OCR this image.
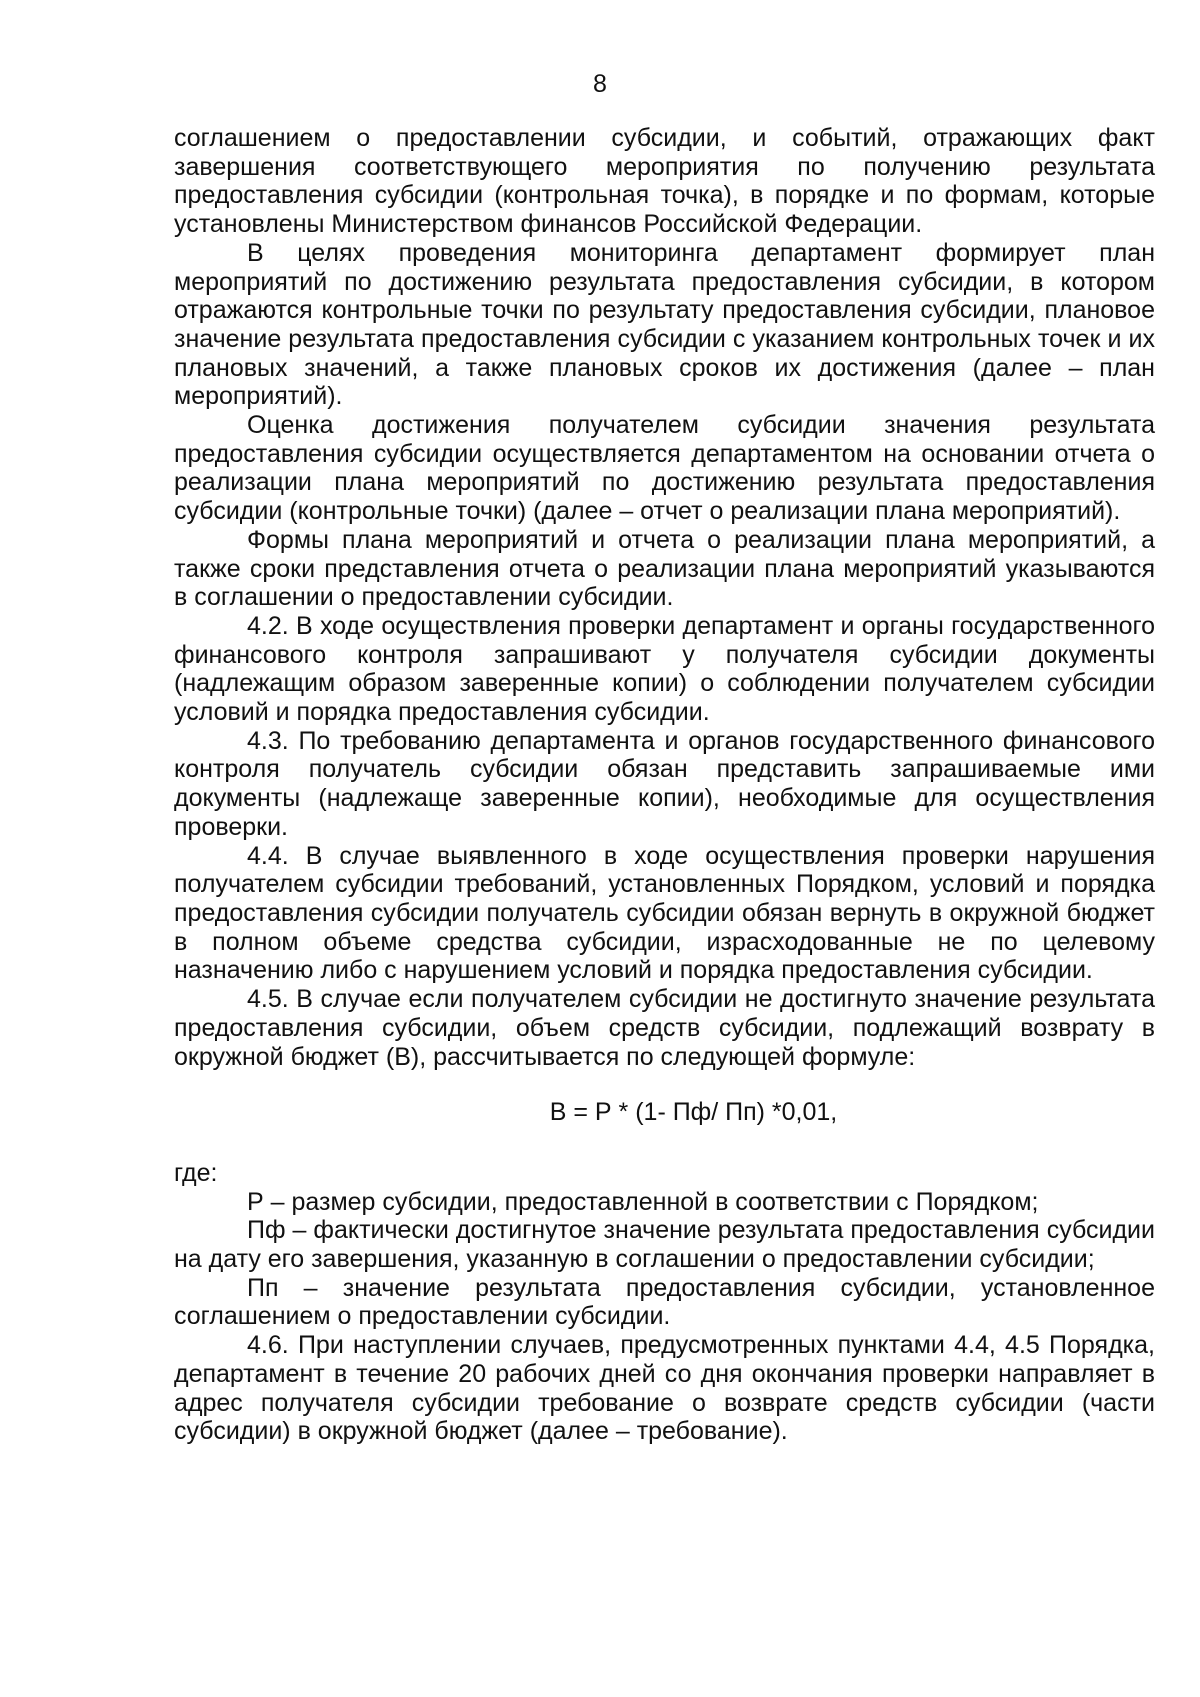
8

соглашением о предоставлении субсидии, и событий, отражающих факт завершения соответствующего мероприятия по получению результата предоставления субсидии (контрольная точка), в порядке и по формам, которые установлены Министерством финансов Российской Федерации.

В целях проведения мониторинга департамент формирует план мероприятий по достижению результата предоставления субсидии, в котором отражаются контрольные точки по результату предоставления субсидии, плановое значение результата предоставления субсидии с указанием контрольных точек и их плановых значений, а также плановых сроков их достижения (далее – план мероприятий).

Оценка достижения получателем субсидии значения результата предоставления субсидии осуществляется департаментом на основании отчета о реализации плана мероприятий по достижению результата предоставления субсидии (контрольные точки) (далее – отчет о реализации плана мероприятий).

Формы плана мероприятий и отчета о реализации плана мероприятий, а также сроки представления отчета о реализации плана мероприятий указываются в соглашении о предоставлении субсидии.

4.2. В ходе осуществления проверки департамент и органы государственного финансового контроля запрашивают у получателя субсидии документы (надлежащим образом заверенные копии) о соблюдении получателем субсидии условий и порядка предоставления субсидии.

4.3. По требованию департамента и органов государственного финансового контроля получатель субсидии обязан представить запрашиваемые ими документы (надлежаще заверенные копии), необходимые для осуществления проверки.

4.4. В случае выявленного в ходе осуществления проверки нарушения получателем субсидии требований, установленных Порядком, условий и порядка предоставления субсидии получатель субсидии обязан вернуть в окружной бюджет в полном объеме средства субсидии, израсходованные не по целевому назначению либо с нарушением условий и порядка предоставления субсидии.

4.5. В случае если получателем субсидии не достигнуто значение результата предоставления субсидии, объем средств субсидии, подлежащий возврату в окружной бюджет (В), рассчитывается по следующей формуле:

В = Р * (1- Пф/ Пп) *0,01,

где:

Р – размер субсидии, предоставленной в соответствии с Порядком;

Пф – фактически достигнутое значение результата предоставления субсидии на дату его завершения, указанную в соглашении о предоставлении субсидии;

Пп – значение результата предоставления субсидии, установленное соглашением о предоставлении субсидии.

4.6. При наступлении случаев, предусмотренных пунктами 4.4, 4.5 Порядка, департамент в течение 20 рабочих дней со дня окончания проверки направляет в адрес получателя субсидии требование о возврате средств субсидии (части субсидии) в окружной бюджет (далее – требование).
